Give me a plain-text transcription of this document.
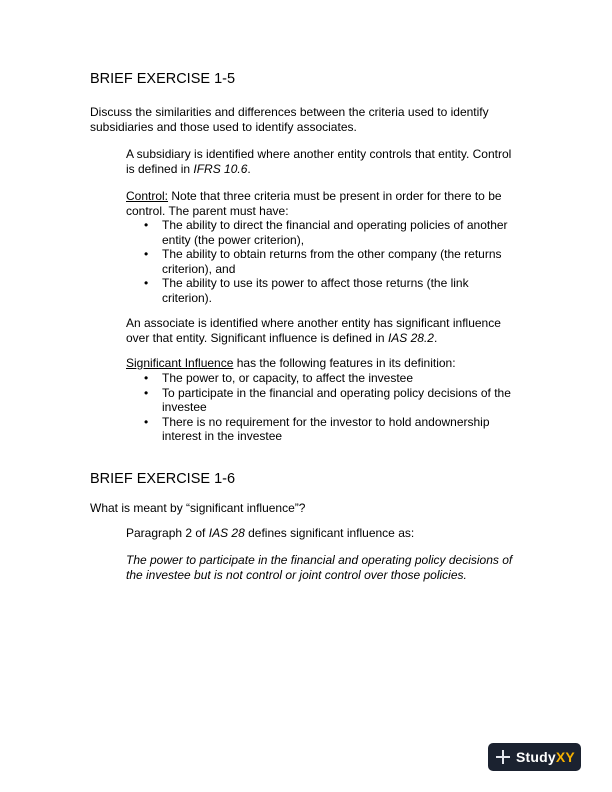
BRIEF EXERCISE 1-5
Discuss the similarities and differences between the criteria used to identify
subsidiaries and those used to identify associates.
A subsidiary is identified where another entity controls that entity. Control
is defined in IFRS 10.6.
Control: Note that three criteria must be present in order for there to be
control. The parent must have:
• The ability to direct the financial and operating policies of another
entity (the power criterion),
• The ability to obtain returns from the other company (the returns
criterion), and
• The ability to use its power to affect those returns (the link
criterion).
An associate is identified where another entity has significant influence
over that entity. Significant influence is defined in IAS 28.2.
Significant Influence has the following features in its definition:
• The power to, or capacity, to affect the investee
• To participate in the financial and operating policy decisions of the
investee
• There is no requirement for the investor to hold andownership
interest in the investee
BRIEF EXERCISE 1-6
What is meant by “significant influence”?
Paragraph 2 of IAS 28 defines significant influence as:
The power to participate in the financial and operating policy decisions of
the investee but is not control or joint control over those policies.
StudyXY
